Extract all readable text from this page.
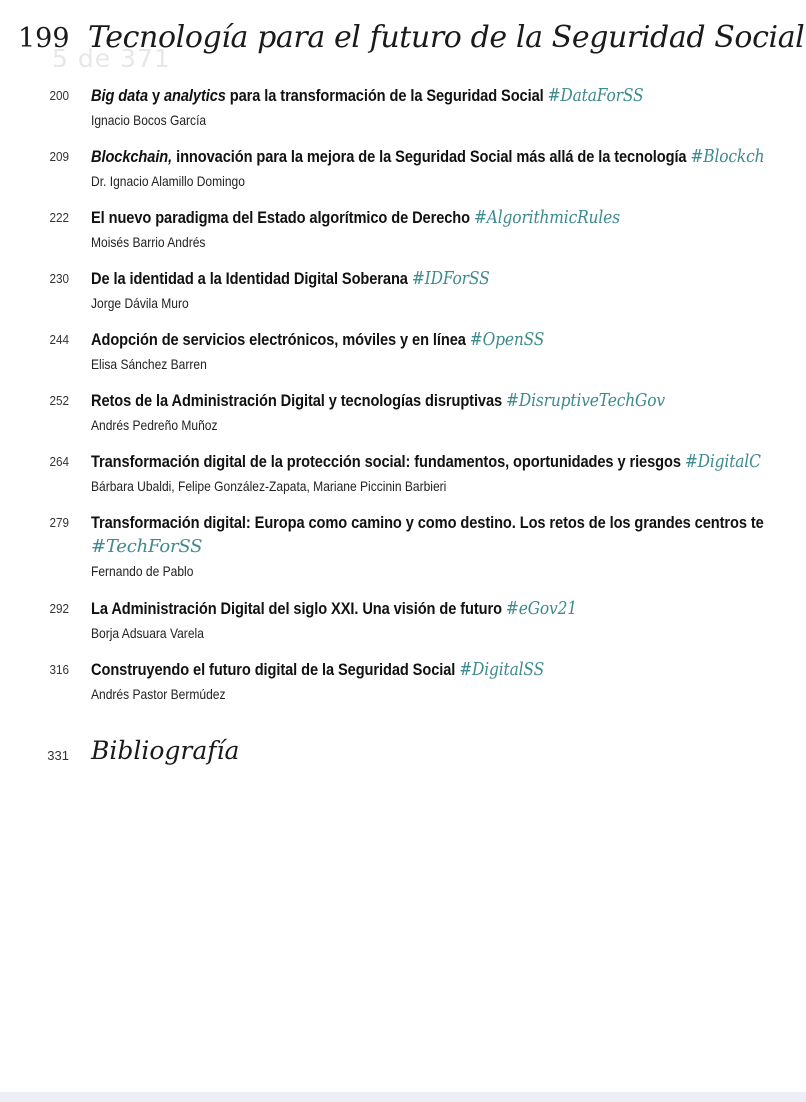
199 Tecnología para el futuro de la Seguridad Social
5 de 371
200 Big data y analytics para la transformación de la Seguridad Social #DataForSS
Ignacio Bocos García
209 Blockchain, innovación para la mejora de la Seguridad Social más allá de la tecnología #Blockch
Dr. Ignacio Alamillo Domingo
222 El nuevo paradigma del Estado algorítmico de Derecho #AlgorithmicRules
Moisés Barrio Andrés
230 De la identidad a la Identidad Digital Soberana #IDForSS
Jorge Dávila Muro
244 Adopción de servicios electrónicos, móviles y en línea #OpenSS
Elisa Sánchez Barren
252 Retos de la Administración Digital y tecnologías disruptivas #DisruptiveTechGov
Andrés Pedreño Muñoz
264 Transformación digital de la protección social: fundamentos, oportunidades y riesgos #DigitalC
Bárbara Ubaldi, Felipe González-Zapata, Mariane Piccinin Barbieri
279 Transformación digital: Europa como camino y como destino. Los retos de los grandes centros te
#TechForSS
Fernando de Pablo
292 La Administración Digital del siglo XXI. Una visión de futuro #eGov21
Borja Adsuara Varela
316 Construyendo el futuro digital de la Seguridad Social #DigitalSS
Andrés Pastor Bermúdez
331 Bibliografía
